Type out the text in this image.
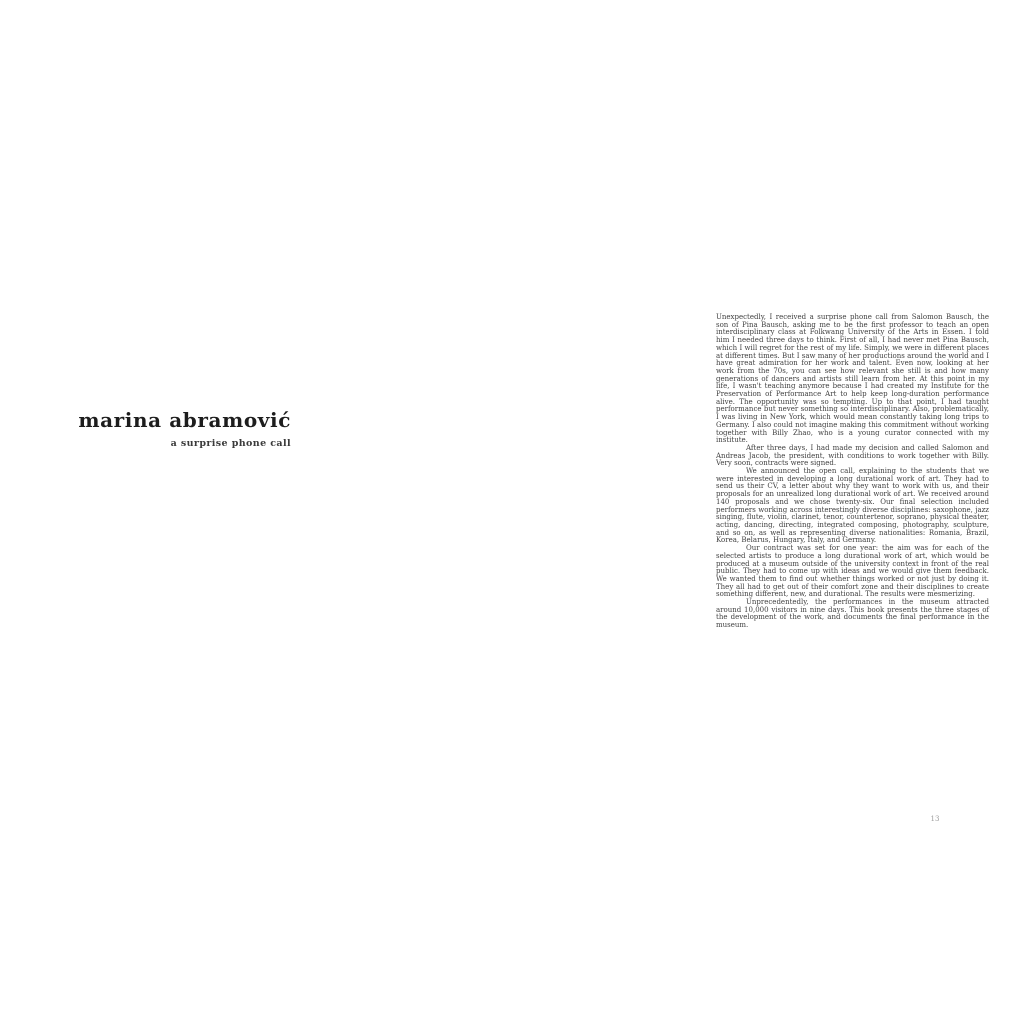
marina abramović

a surprise phone call

Unexpectedly, I received a surprise phone call from Salomon Bausch, the son of Pina Bausch, asking me to be the first professor to teach an open interdisciplinary class at Folkwang University of the Arts in Essen. I told him I needed three days to think. First of all, I had never met Pina Bausch, which I will regret for the rest of my life. Simply, we were in different places at different times. But I saw many of her productions around the world and I have great admiration for her work and talent. Even now, looking at her work from the 70s, you can see how relevant she still is and how many generations of dancers and artists still learn from her. At this point in my life, I wasn't teaching anymore because I had created my Institute for the Preservation of Performance Art to help keep long-duration performance alive. The opportunity was so tempting. Up to that point, I had taught performance but never something so interdisciplinary. Also, problematically, I was living in New York, which would mean constantly taking long trips to Germany. I also could not imagine making this commitment without working together with Billy Zhao, who is a young curator connected with my institute.

After three days, I had made my decision and called Salomon and Andreas Jacob, the president, with conditions to work together with Billy. Very soon, contracts were signed.

We announced the open call, explaining to the students that we were interested in developing a long durational work of art. They had to send us their CV, a letter about why they want to work with us, and their proposals for an unrealized long durational work of art. We received around 140 proposals and we chose twenty-six. Our final selection included performers working across interestingly diverse disciplines: saxophone, jazz singing, flute, violin, clarinet, tenor, countertenor, soprano, physical theater, acting, dancing, directing, integrated composing, photography, sculpture, and so on, as well as representing diverse nationalities: Romania, Brazil, Korea, Belarus, Hungary, Italy, and Germany.

Our contract was set for one year: the aim was for each of the selected artists to produce a long durational work of art, which would be produced at a museum outside of the university context in front of the real public. They had to come up with ideas and we would give them feedback. We wanted them to find out whether things worked or not just by doing it. They all had to get out of their comfort zone and their disciplines to create something different, new, and durational. The results were mesmerizing.

Unprecedentedly, the performances in the museum attracted around 10,000 visitors in nine days. This book presents the three stages of the development of the work, and documents the final performance in the museum.

13
